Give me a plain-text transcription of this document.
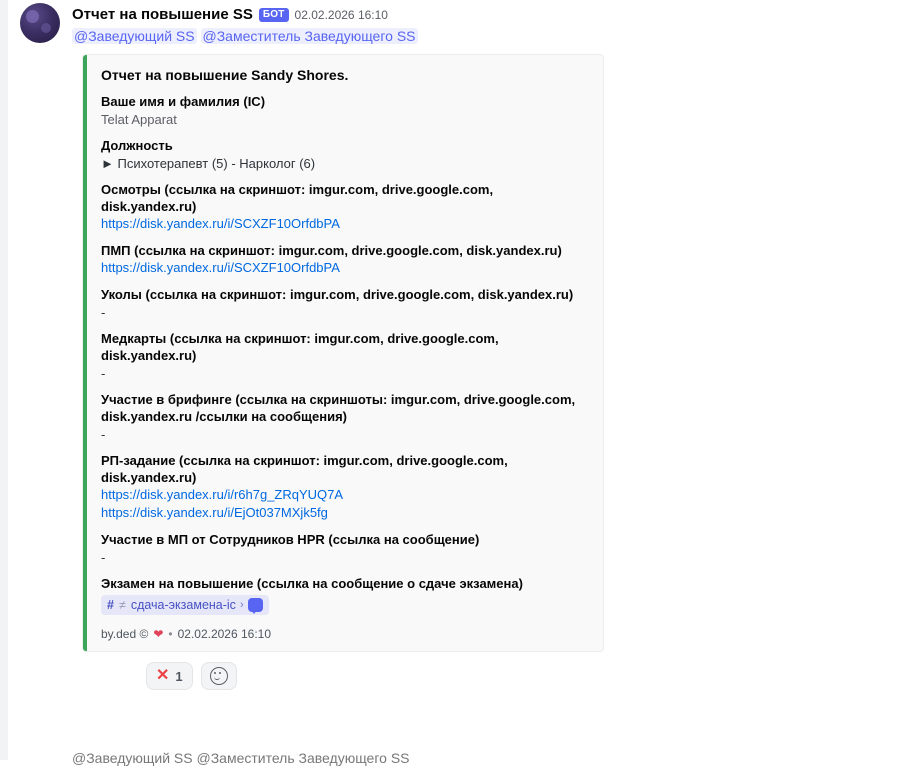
Отчет на повышение SS	БОТ 02.02.2026 16:10
@Заведующий SS @Заместитель Заведующего SS
Отчет на повышение Sandy Shores.
Ваше имя и фамилия (IC)
Telat Apparat
Должность
► Психотерапевт (5) - Нарколог (6)
Осмотры (ссылка на скриншот: imgur.com, drive.google.com, disk.yandex.ru)
https://disk.yandex.ru/i/SCXZF10OrfdbPA
ПМП (ссылка на скриншот: imgur.com, drive.google.com, disk.yandex.ru)
https://disk.yandex.ru/i/SCXZF10OrfdbPA
Уколы (ссылка на скриншот: imgur.com, drive.google.com, disk.yandex.ru)
-
Медкарты (ссылка на скриншот: imgur.com, drive.google.com, disk.yandex.ru)
-
Участие в брифинге (ссылка на скриншоты: imgur.com, drive.google.com, disk.yandex.ru /ссылки на сообщения)
-
РП-задание (ссылка на скриншот: imgur.com, drive.google.com, disk.yandex.ru)
https://disk.yandex.ru/i/r6h7g_ZRqYUQ7A
https://disk.yandex.ru/i/EjOt037MXjk5fg
Участие в МП от Сотрудников HPR (ссылка на сообщение)
-
Экзамен на повышение (ссылка на сообщение о сдаче экзамена)
# ≠ сдача-экзамена-ic ›
by.ded © ❤ • 02.02.2026 16:10
✕ 1
@Заведующий SS @Заместитель Заведующего SS
